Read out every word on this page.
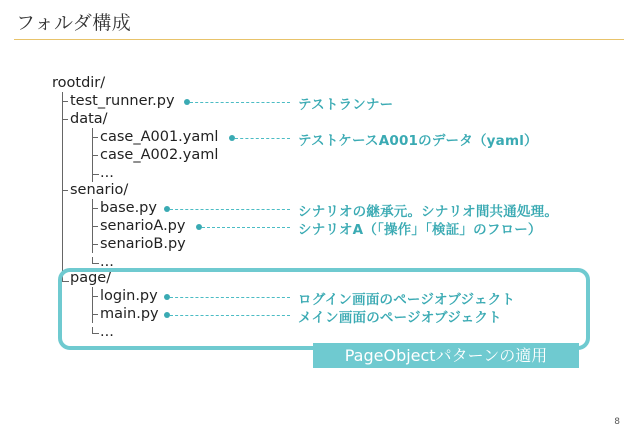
フォルダ構成
rootdir/
test_runner.py
data/
case_A001.yaml
case_A002.yaml
...
senario/
base.py
senarioA.py
senarioB.py
...
page/
login.py
main.py
...
テストランナー
テストケースA001のデータ（yaml）
シナリオの継承元。シナリオ間共通処理。
シナリオA（「操作」「検証」のフロー）
ログイン画面のページオブジェクト
メイン画面のページオブジェクト
PageObjectパターンの適用
8
